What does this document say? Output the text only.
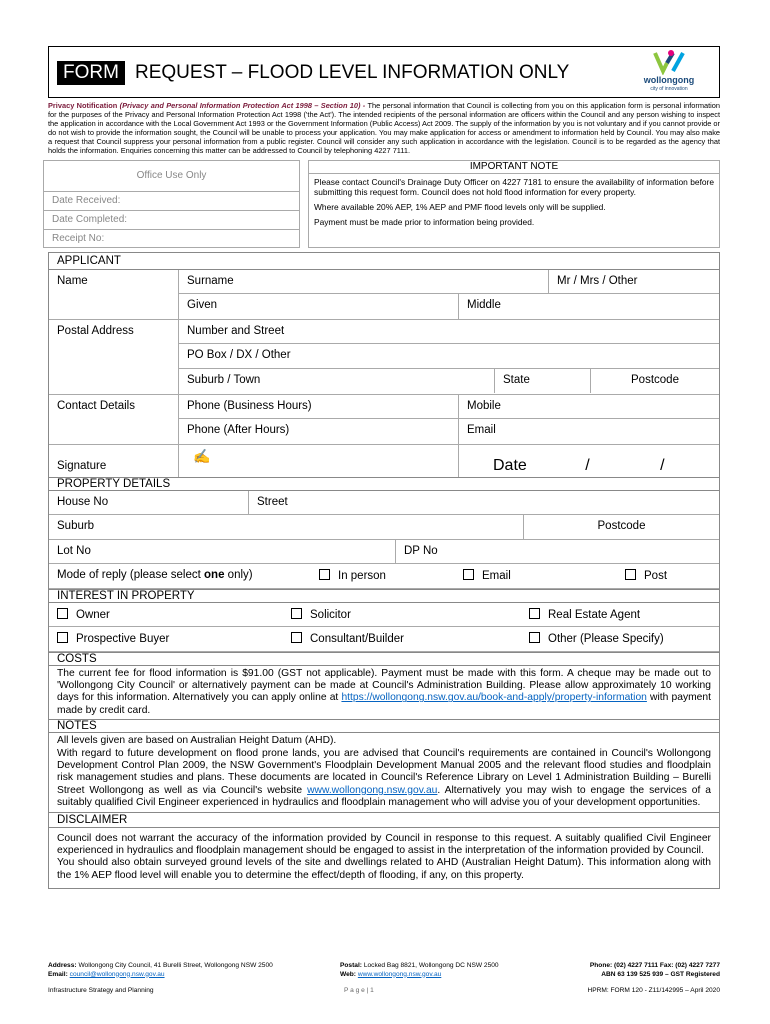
FORM REQUEST – FLOOD LEVEL INFORMATION ONLY	wollongong
city of innovation
Privacy Notification (Privacy and Personal Information Protection Act 1998 – Section 10) - The personal information that Council is collecting from you on this application form is personal information for the purposes of the Privacy and Personal Information Protection Act 1998 ('the Act'). The intended recipients of the personal information are officers within the Council and any person wishing to inspect the application in accordance with the Local Government Act 1993 or the Government Information (Public Access) Act 2009. The supply of the information by you is not voluntary and if you cannot provide or do not wish to provide the information sought, the Council will be unable to process your application. You may make application for access or amendment to information held by Council. You may also make a request that Council suppress your personal information from a public register. Council will consider any such application in accordance with the legislation. Council is to be regarded as the agency that holds the information. Enquiries concerning this matter can be addressed to Council by telephoning 4227 7111.
Office Use Only
Date Received:
Date Completed:
Receipt No:
IMPORTANT NOTE

Please contact Council's Drainage Duty Officer on 4227 7181 to ensure the availability of information before submitting this request form. Council does not hold flood information for every property.

Where available 20% AEP, 1% AEP and PMF flood levels only will be supplied.

Payment must be made prior to information being provided.

APPLICANT
Name	Surname	Mr / Mrs / Other
Given	Middle
Postal Address	Number and Street
PO Box / DX / Other
Suburb / Town	State	Postcode
Contact Details	Phone (Business Hours)	Mobile
Phone (After Hours)	Email
Signature
✍
Date	/	/
PROPERTY DETAILS
House No	Street
Suburb	Postcode
Lot No	DP No
Mode of reply (please select one only)	In person	Email	Post
INTEREST IN PROPERTY
Owner	Solicitor	Real Estate Agent
Prospective Buyer	Consultant/Builder	Other (Please Specify)
COSTS
The current fee for flood information is $91.00 (GST not applicable). Payment must be made with this form. A cheque may be made out to 'Wollongong City Council' or alternatively payment can be made at Council's Administration Building. Please allow approximately 10 working days for this information. Alternatively you can apply online at https://wollongong.nsw.gov.au/book-and-apply/property-information with payment made by credit card.
NOTES
All levels given are based on Australian Height Datum (AHD).
With regard to future development on flood prone lands, you are advised that Council's requirements are contained in Council's Wollongong Development Control Plan 2009, the NSW Government's Floodplain Development Manual 2005 and the relevant flood studies and floodplain risk management studies and plans. These documents are located in Council's Reference Library on Level 1 Administration Building – Burelli Street Wollongong as well as via Council's website www.wollongong.nsw.gov.au. Alternatively you may wish to engage the services of a suitably qualified Civil Engineer experienced in hydraulics and floodplain management who will advise you of your development opportunities.
DISCLAIMER
Council does not warrant the accuracy of the information provided by Council in response to this request. A suitably qualified Civil Engineer experienced in hydraulics and floodplain management should be engaged to assist in the interpretation of the information provided by Council.
You should also obtain surveyed ground levels of the site and dwellings related to AHD (Australian Height Datum). This information along with the 1% AEP flood level will enable you to determine the effect/depth of flooding, if any, on this property.
Address: Wollongong City Council, 41 Burelli Street, Wollongong NSW 2500
Email: council@wollongong.nsw.gov.au
Postal: Locked Bag 8821, Wollongong DC NSW 2500
Web: www.wollongong.nsw.gov.au
Phone: (02) 4227 7111 Fax: (02) 4227 7277
ABN 63 139 525 939 – GST Registered
Infrastructure Strategy and Planning	P a g e | 1	HPRM: FORM 120 - Z11/142995 – April 2020
